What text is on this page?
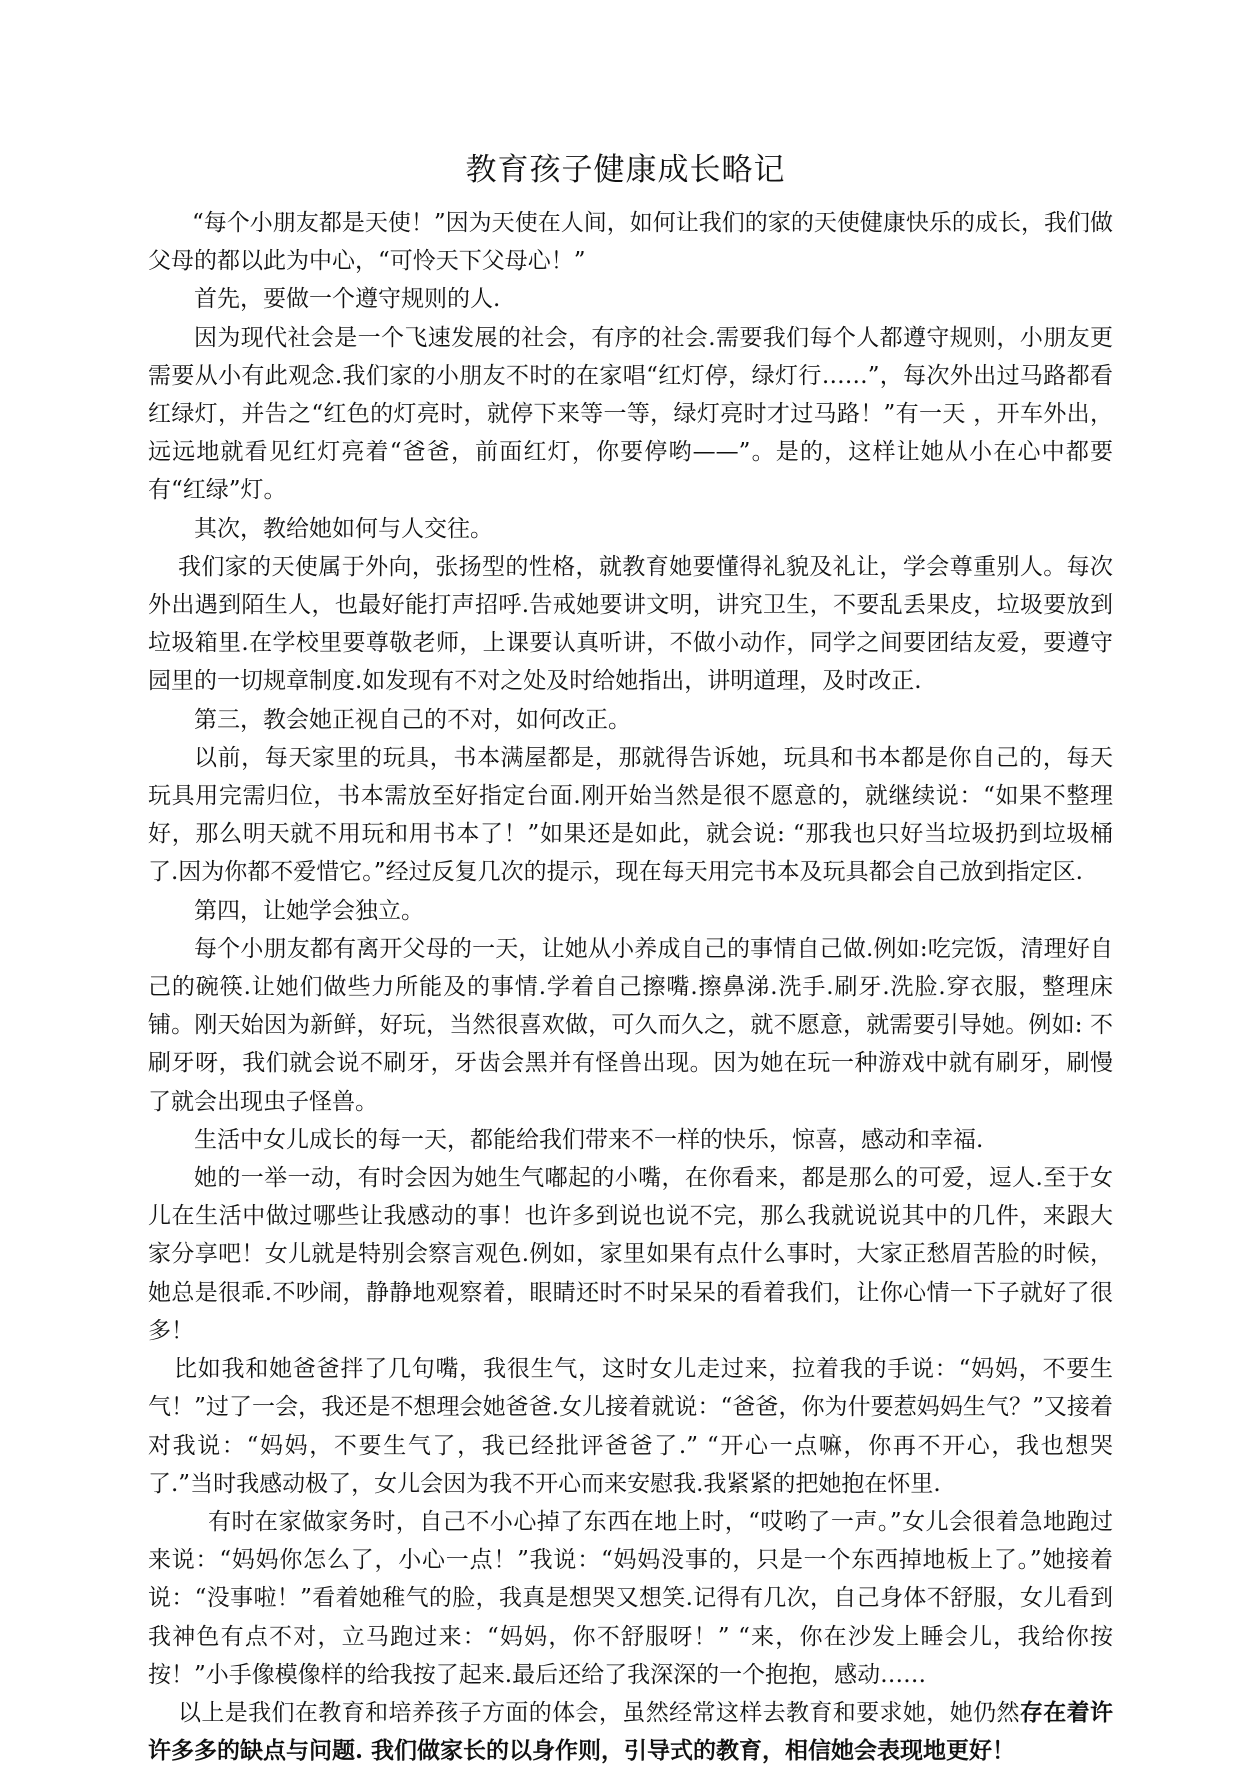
教育孩子健康成长略记

“每个小朋友都是天使！”因为天使在人间，如何让我们的家的天使健康快乐的成长，我们做父母的都以此为中心，“可怜天下父母心！”

首先，要做一个遵守规则的人.

因为现代社会是一个飞速发展的社会，有序的社会.需要我们每个人都遵守规则，小朋友更需要从小有此观念.我们家的小朋友不时的在家唱“红灯停，绿灯行……”，每次外出过马路都看红绿灯，并告之“红色的灯亮时，就停下来等一等，绿灯亮时才过马路！”有一天 ，开车外出，远远地就看见红灯亮着“爸爸，前面红灯，你要停哟——”。是的，这样让她从小在心中都要有“红绿”灯。

其次，教给她如何与人交往。

我们家的天使属于外向，张扬型的性格，就教育她要懂得礼貌及礼让，学会尊重别人。每次外出遇到陌生人，也最好能打声招呼.告戒她要讲文明，讲究卫生，不要乱丢果皮，垃圾要放到垃圾箱里.在学校里要尊敬老师，上课要认真听讲，不做小动作，同学之间要团结友爱，要遵守园里的一切规章制度.如发现有不对之处及时给她指出，讲明道理，及时改正.

第三，教会她正视自己的不对，如何改正。

以前，每天家里的玩具，书本满屋都是，那就得告诉她，玩具和书本都是你自己的，每天玩具用完需归位，书本需放至好指定台面.刚开始当然是很不愿意的，就继续说：“如果不整理好，那么明天就不用玩和用书本了！”如果还是如此，就会说: “那我也只好当垃圾扔到垃圾桶了.因为你都不爱惜它。”经过反复几次的提示，现在每天用完书本及玩具都会自己放到指定区.

第四，让她学会独立。

每个小朋友都有离开父母的一天，让她从小养成自己的事情自己做.例如:吃完饭，清理好自己的碗筷.让她们做些力所能及的事情.学着自己擦嘴.擦鼻涕.洗手.刷牙.洗脸.穿衣服，整理床铺。刚天始因为新鲜，好玩，当然很喜欢做，可久而久之，就不愿意，就需要引导她。例如: 不刷牙呀，我们就会说不刷牙，牙齿会黑并有怪兽出现。因为她在玩一种游戏中就有刷牙，刷慢了就会出现虫子怪兽。

生活中女儿成长的每一天，都能给我们带来不一样的快乐，惊喜，感动和幸福.

她的一举一动，有时会因为她生气嘟起的小嘴，在你看来，都是那么的可爱，逗人.至于女儿在生活中做过哪些让我感动的事！也许多到说也说不完，那么我就说说其中的几件，来跟大家分享吧！女儿就是特别会察言观色.例如，家里如果有点什么事时，大家正愁眉苦脸的时候，她总是很乖.不吵闹，静静地观察着，眼睛还时不时呆呆的看着我们，让你心情一下子就好了很多！

比如我和她爸爸拌了几句嘴，我很生气，这时女儿走过来，拉着我的手说：“妈妈，不要生气！”过了一会，我还是不想理会她爸爸.女儿接着就说：“爸爸，你为什要惹妈妈生气？”又接着对我说：“妈妈，不要生气了，我已经批评爸爸了.” “开心一点嘛，你再不开心，我也想哭了.”当时我感动极了，女儿会因为我不开心而来安慰我.我紧紧的把她抱在怀里.

有时在家做家务时，自己不小心掉了东西在地上时，“哎哟了一声。”女儿会很着急地跑过来说：“妈妈你怎么了，小心一点！”我说：“妈妈没事的，只是一个东西掉地板上了。”她接着说：“没事啦！”看着她稚气的脸，我真是想哭又想笑.记得有几次，自己身体不舒服，女儿看到我神色有点不对，立马跑过来：“妈妈，你不舒服呀！” “来，你在沙发上睡会儿，我给你按按！”小手像模像样的给我按了起来.最后还给了我深深的一个抱抱，感动……

以上是我们在教育和培养孩子方面的体会，虽然经常这样去教育和要求她，她仍然存在着许许多多的缺点与问题. 我们做家长的以身作则，引导式的教育，相信她会表现地更好！
